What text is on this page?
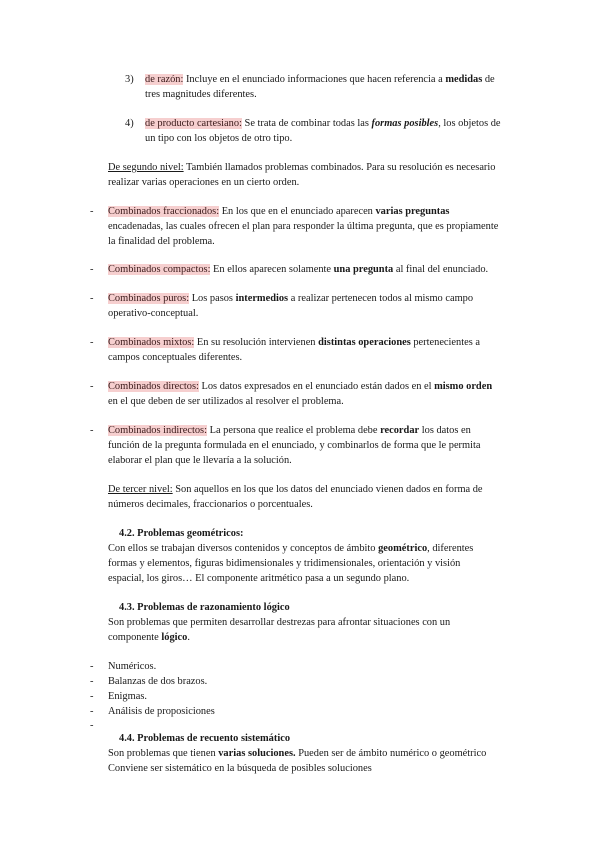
3) de razón: Incluye en el enunciado informaciones que hacen referencia a medidas de

tres magnitudes diferentes.

4) de producto cartesiano: Se trata de combinar todas las formas posibles, los objetos de

un tipo con los objetos de otro tipo.

De segundo nivel: También llamados problemas combinados. Para su resolución es necesario

realizar varias operaciones en un cierto orden.

- Combinados fraccionados: En los que en el enunciado aparecen varias preguntas

encadenadas, las cuales ofrecen el plan para responder la última pregunta, que es propiamente

la finalidad del problema.

- Combinados compactos: En ellos aparecen solamente una pregunta al final del enunciado.

- Combinados puros: Los pasos intermedios a realizar pertenecen todos al mismo campo

operativo-conceptual.

- Combinados mixtos: En su resolución intervienen distintas operaciones pertenecientes a

campos conceptuales diferentes.

- Combinados directos: Los datos expresados en el enunciado están dados en el mismo orden

en el que deben de ser utilizados al resolver el problema.

- Combinados indirectos: La persona que realice el problema debe recordar los datos en

función de la pregunta formulada en el enunciado, y combinarlos de forma que le permita

elaborar el plan que le llevaría a la solución.

De tercer nivel: Son aquellos en los que los datos del enunciado vienen dados en forma de

números decimales, fraccionarios o porcentuales.

4.2. Problemas geométricos:

Con ellos se trabajan diversos contenidos y conceptos de ámbito geométrico, diferentes

formas y elementos, figuras bidimensionales y tridimensionales, orientación y visión

espacial, los giros… El componente aritmético pasa a un segundo plano.

4.3. Problemas de razonamiento lógico

Son problemas que permiten desarrollar destrezas para afrontar situaciones con un

componente lógico.

- Numéricos.

- Balanzas de dos brazos.

- Enigmas.

- Análisis de proposiciones

-

4.4. Problemas de recuento sistemático

Son problemas que tienen varias soluciones. Pueden ser de ámbito numérico o geométrico

Conviene ser sistemático en la búsqueda de posibles soluciones
